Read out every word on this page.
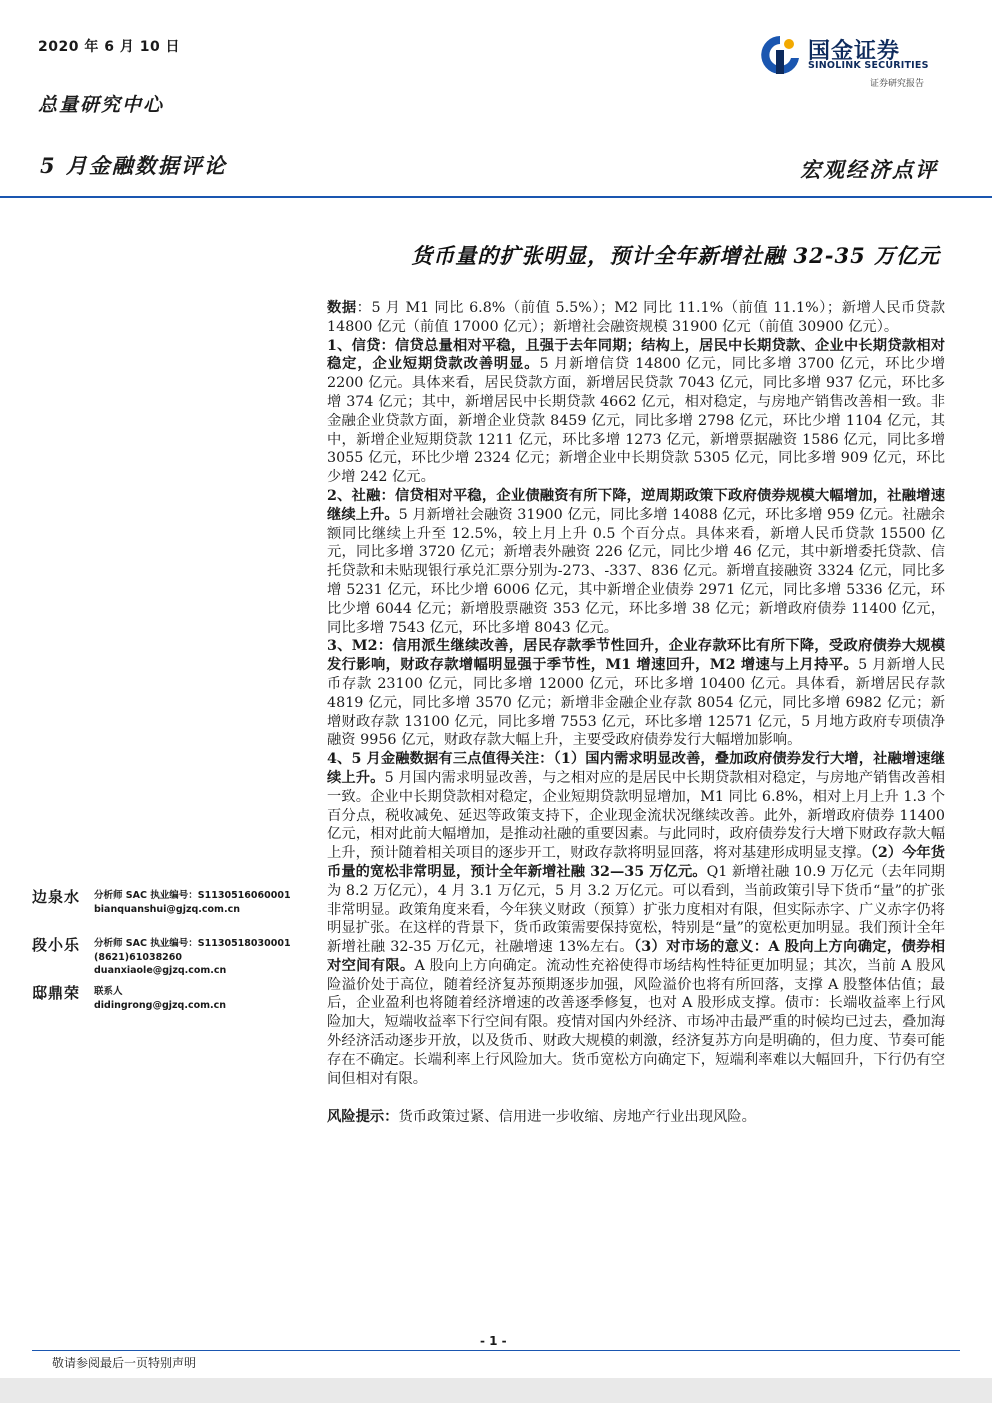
2020 年 6 月 10 日	国金证券
SINOLINK SECURITIES
证券研究报告
总量研究中心
5 月金融数据评论	宏观经济点评
货币量的扩张明显，预计全年新增社融 32-35 万亿元

数据：5 月 M1 同比 6.8%（前值 5.5%）；M2 同比 11.1%（前值 11.1%）；新增人民币贷款 14800 亿元（前值 17000 亿元）；新增社会融资规模 31900 亿元（前值 30900 亿元）。

1、信贷：信贷总量相对平稳，且强于去年同期；结构上，居民中长期贷款、企业中长期贷款相对稳定，企业短期贷款改善明显。5 月新增信贷 14800 亿元，同比多增 3700 亿元，环比少增 2200 亿元。具体来看，居民贷款方面，新增居民贷款 7043 亿元，同比多增 937 亿元，环比多增 374 亿元；其中，新增居民中长期贷款 4662 亿元，相对稳定，与房地产销售改善相一致。非金融企业贷款方面，新增企业贷款 8459 亿元，同比多增 2798 亿元，环比少增 1104 亿元，其中，新增企业短期贷款 1211 亿元，环比多增 1273 亿元，新增票据融资 1586 亿元，同比多增 3055 亿元，环比少增 2324 亿元；新增企业中长期贷款 5305 亿元，同比多增 909 亿元，环比少增 242 亿元。

2、社融：信贷相对平稳，企业债融资有所下降，逆周期政策下政府债券规模大幅增加，社融增速继续上升。5 月新增社会融资 31900 亿元，同比多增 14088 亿元，环比多增 959 亿元。社融余额同比继续上升至 12.5%，较上月上升 0.5 个百分点。具体来看，新增人民币贷款 15500 亿元，同比多增 3720 亿元；新增表外融资 226 亿元，同比少增 46 亿元，其中新增委托贷款、信托贷款和未贴现银行承兑汇票分别为-273、-337、836 亿元。新增直接融资 3324 亿元，同比多增 5231 亿元，环比少增 6006 亿元，其中新增企业债券 2971 亿元，同比多增 5336 亿元，环比少增 6044 亿元；新增股票融资 353 亿元，环比多增 38 亿元；新增政府债券 11400 亿元，同比多增 7543 亿元，环比多增 8043 亿元。

3、M2：信用派生继续改善，居民存款季节性回升，企业存款环比有所下降，受政府债券大规模发行影响，财政存款增幅明显强于季节性，M1 增速回升，M2 增速与上月持平。5 月新增人民币存款 23100 亿元，同比多增 12000 亿元，环比多增 10400 亿元。具体看，新增居民存款 4819 亿元，同比多增 3570 亿元；新增非金融企业存款 8054 亿元，同比多增 6982 亿元；新增财政存款 13100 亿元，同比多增 7553 亿元，环比多增 12571 亿元，5 月地方政府专项债净融资 9956 亿元，财政存款大幅上升，主要受政府债券发行大幅增加影响。

4、5 月金融数据有三点值得关注：（1）国内需求明显改善，叠加政府债券发行大增，社融增速继续上升。5 月国内需求明显改善，与之相对应的是居民中长期贷款相对稳定，与房地产销售改善相一致。企业中长期贷款相对稳定，企业短期贷款明显增加，M1 同比 6.8%，相对上月上升 1.3 个百分点，税收减免、延迟等政策支持下，企业现金流状况继续改善。此外，新增政府债券 11400 亿元，相对此前大幅增加，是推动社融的重要因素。与此同时，政府债券发行大增下财政存款大幅上升，预计随着相关项目的逐步开工，财政存款将明显回落，将对基建形成明显支撑。（2）今年货币量的宽松非常明显，预计全年新增社融 32—35 万亿元。Q1 新增社融 10.9 万亿元（去年同期为 8.2 万亿元），4 月 3.1 万亿元，5 月 3.2 万亿元。可以看到，当前政策引导下货币“量”的扩张非常明显。政策角度来看，今年狭义财政（预算）扩张力度相对有限，但实际赤字、广义赤字仍将明显扩张。在这样的背景下，货币政策需要保持宽松，特别是“量”的宽松更加明显。我们预计全年新增社融 32-35 万亿元，社融增速 13%左右。（3）对市场的意义：A 股向上方向确定，债券相对空间有限。A 股向上方向确定。流动性充裕使得市场结构性特征更加明显；其次，当前 A 股风险溢价处于高位，随着经济复苏预期逐步加强，风险溢价也将有所回落，支撑 A 股整体估值；最后，企业盈利也将随着经济增速的改善逐季修复，也对 A 股形成支撑。债市：长端收益率上行风险加大，短端收益率下行空间有限。疫情对国内外经济、市场冲击最严重的时候均已过去，叠加海外经济活动逐步开放，以及货币、财政大规模的刺激，经济复苏方向是明确的，但力度、节奏可能存在不确定。长端利率上行风险加大。货币宽松方向确定下，短端利率难以大幅回升，下行仍有空间但相对有限。

风险提示：货币政策过紧、信用进一步收缩、房地产行业出现风险。

边泉水 分析师 SAC 执业编号：S1130516060001
bianquanshui@gjzq.com.cn
段小乐 分析师 SAC 执业编号：S1130518030001
(8621)61038260
duanxiaole@gjzq.com.cn
邸鼎荣 联系人
didingrong@gjzq.com.cn
- 1 -
敬请参阅最后一页特别声明
